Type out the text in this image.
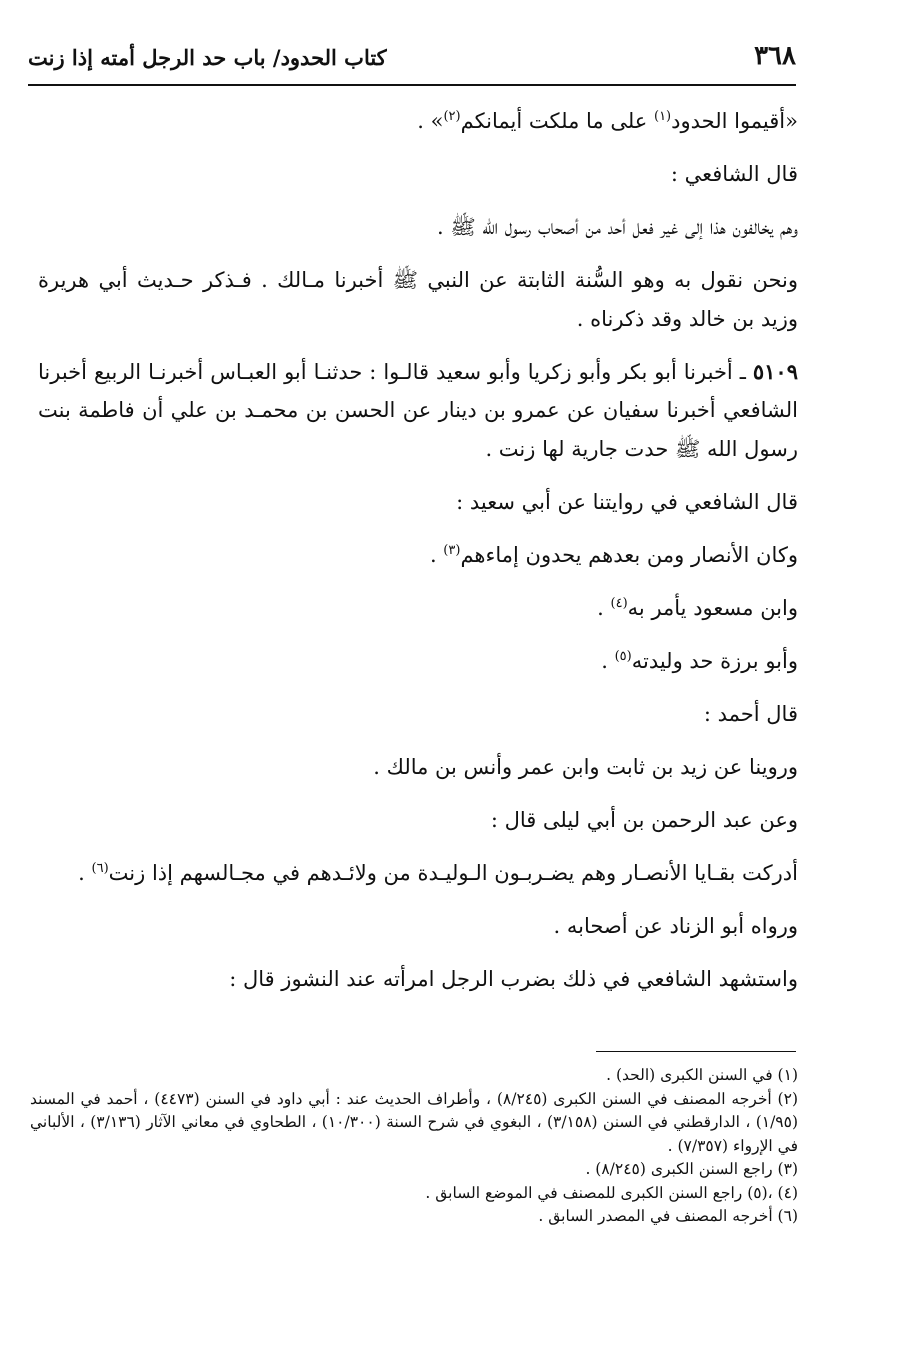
٣٦٨
كتاب الحدود/ باب حد الرجل أمته إذا زنت

«أقيموا الحدود$^{(١)}$ على ما ملكت أيمانكم$^{(٢)}$» .

قال الشافعي :

وهم يخالفون هذا إلى غير فعل أحد من أصحاب رسول الله ﷺ .

ونحن نقول به وهو السُّنة الثابتة عن النبي ﷺ أخبرنا مـالك . فـذكر حـديث أبي هريرة وزيد بن خالد وقد ذكرناه .

٥١٠٩ ـ أخبرنا أبو بكر وأبو زكريا وأبو سعيد قالـوا : حدثنـا أبو العبـاس أخبرنـا الربيع أخبرنا الشافعي أخبرنا سفيان عن عمرو بن دينار عن الحسن بن محمـد بن علي أن فاطمة بنت رسول الله ﷺ حدت جارية لها زنت .

قال الشافعي في روايتنا عن أبي سعيد :

وكان الأنصار ومن بعدهم يحدون إماءهم$^{(٣)}$ .

وابن مسعود يأمر به$^{(٤)}$ .

وأبو برزة حد وليدته$^{(٥)}$ .

قال أحمد :

وروينا عن زيد بن ثابت وابن عمر وأنس بن مالك .

وعن عبد الرحمن بن أبي ليلى قال :

أدركت بقـايا الأنصـار وهم يضـربـون الـوليـدة من ولائـدهم في مجـالسهم إذا زنت$^{(٦)}$ .

ورواه أبو الزناد عن أصحابه .

واستشهد الشافعي في ذلك بضرب الرجل امرأته عند النشوز قال :

(١) في السنن الكبرى (الحد) .

(٢) أخرجه المصنف في السنن الكبرى (٨/٢٤٥) ، وأطراف الحديث عند : أبي داود في السنن (٤٤٧٣) ، أحمد في المسند (١/٩٥) ، الدارقطني في السنن (٣/١٥٨) ، البغوي في شرح السنة (١٠/٣٠٠) ، الطحاوي في معاني الآثار (٣/١٣٦) ، الألباني في الإرواء (٧/٣٥٧) .

(٣) راجع السنن الكبرى (٨/٢٤٥) .

(٤) ،(٥) راجع السنن الكبرى للمصنف في الموضع السابق .

(٦) أخرجه المصنف في المصدر السابق .
